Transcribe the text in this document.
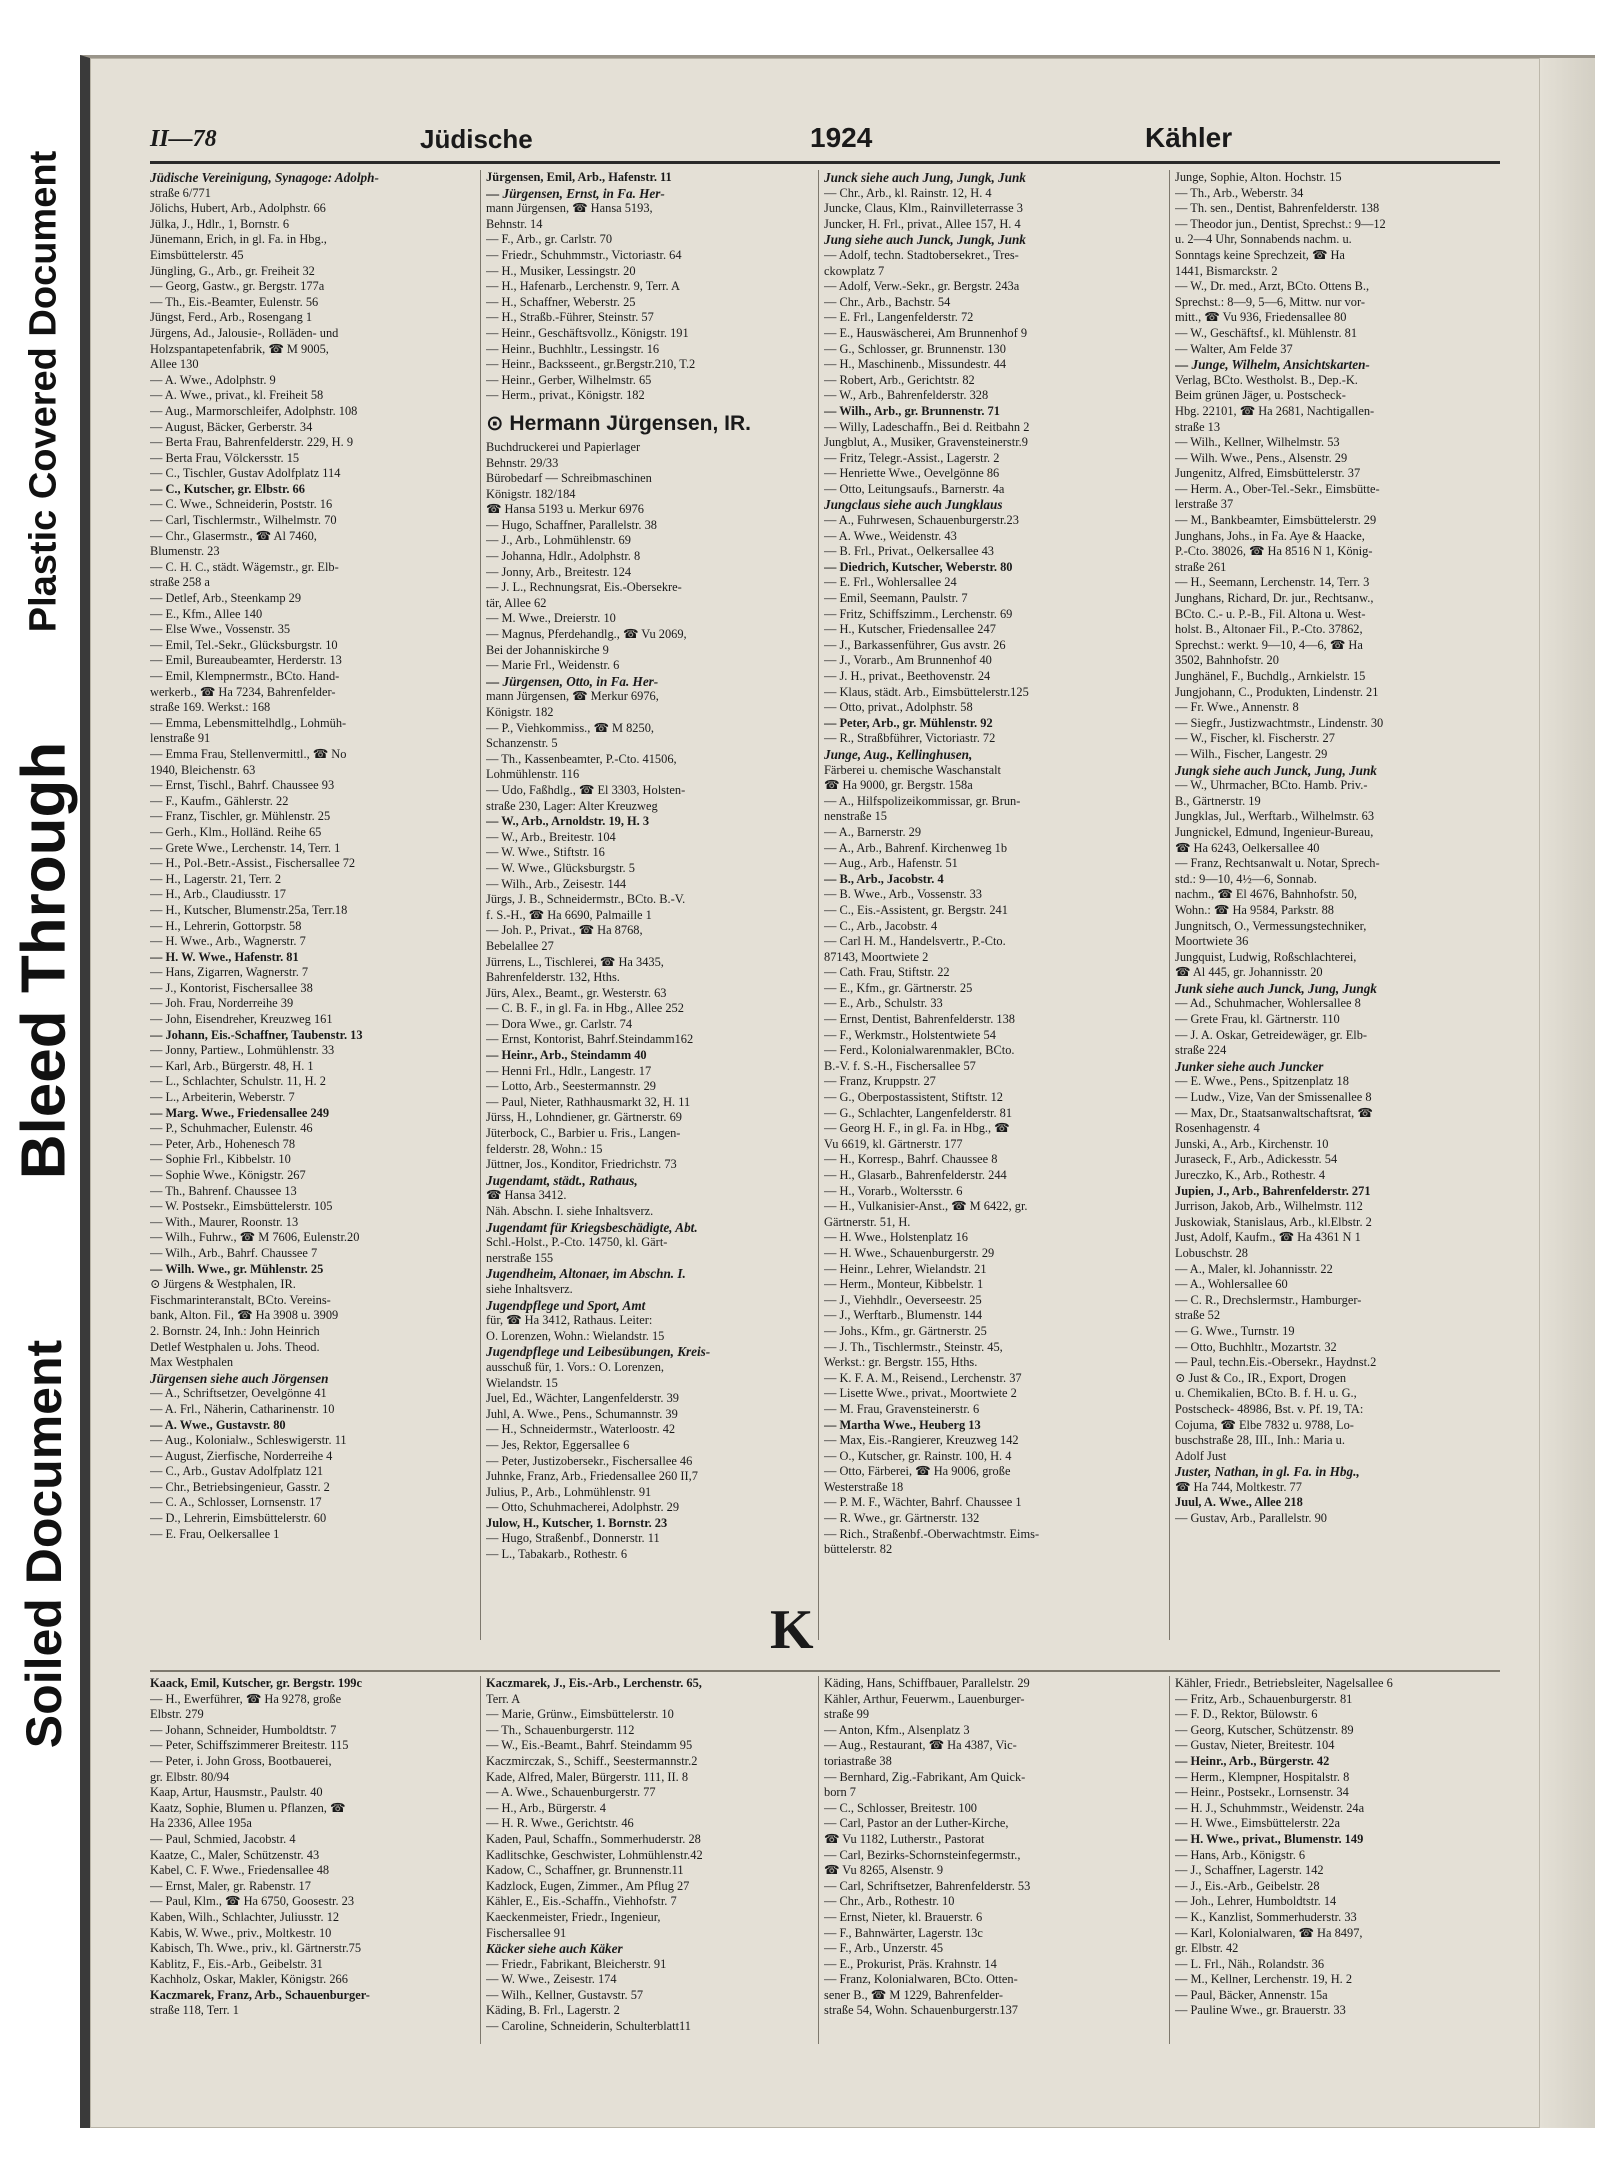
Plastic Covered Document
Bleed Through
Soiled Document
II—78	Jüdische	1924	Kähler
Jüdische Vereinigung, Synagoge: Adolph-
straße 6/771
Jölichs, Hubert, Arb., Adolphstr. 66
Jülka, J., Hdlr., 1, Bornstr. 6
Jünemann, Erich, in gl. Fa. in Hbg.,
Eimsbüttelerstr. 45
Jüngling, G., Arb., gr. Freiheit 32
— Georg, Gastw., gr. Bergstr. 177a
— Th., Eis.-Beamter, Eulenstr. 56
Jüngst, Ferd., Arb., Rosengang 1
Jürgens, Ad., Jalousie-, Rolläden- und
Holzspantapetenfabrik, ☎ M 9005,
Allee 130
— A. Wwe., Adolphstr. 9
— A. Wwe., privat., kl. Freiheit 58
— Aug., Marmorschleifer, Adolphstr. 108
— August, Bäcker, Gerberstr. 34
— Berta Frau, Bahrenfelderstr. 229, H. 9
— Berta Frau, Völckersstr. 15
— C., Tischler, Gustav Adolfplatz 114
— C., Kutscher, gr. Elbstr. 66
— C. Wwe., Schneiderin, Poststr. 16
— Carl, Tischlermstr., Wilhelmstr. 70
— Chr., Glasermstr., ☎ Al 7460,
Blumenstr. 23
— C. H. C., städt. Wägemstr., gr. Elb-
straße 258 a
— Detlef, Arb., Steenkamp 29
— E., Kfm., Allee 140
— Else Wwe., Vossenstr. 35
— Emil, Tel.-Sekr., Glücksburgstr. 10
— Emil, Bureaubeamter, Herderstr. 13
— Emil, Klempnermstr., BCto. Hand-
werkerb., ☎ Ha 7234, Bahrenfelder-
straße 169. Werkst.: 168
— Emma, Lebensmittelhdlg., Lohmüh-
lenstraße 91
— Emma Frau, Stellenvermittl., ☎ No
1940, Bleichenstr. 63
— Ernst, Tischl., Bahrf. Chaussee 93
— F., Kaufm., Gählerstr. 22
— Franz, Tischler, gr. Mühlenstr. 25
— Gerh., Klm., Holländ. Reihe 65
— Grete Wwe., Lerchenstr. 14, Terr. 1
— H., Pol.-Betr.-Assist., Fischersallee 72
— H., Lagerstr. 21, Terr. 2
— H., Arb., Claudiusstr. 17
— H., Kutscher, Blumenstr.25a, Terr.18
— H., Lehrerin, Gottorpstr. 58
— H. Wwe., Arb., Wagnerstr. 7
— H. W. Wwe., Hafenstr. 81
— Hans, Zigarren, Wagnerstr. 7
— J., Kontorist, Fischersallee 38
— Joh. Frau, Norderreihe 39
— John, Eisendreher, Kreuzweg 161
— Johann, Eis.-Schaffner, Taubenstr. 13
— Jonny, Partiew., Lohmühlenstr. 33
— Karl, Arb., Bürgerstr. 48, H. 1
— L., Schlachter, Schulstr. 11, H. 2
— L., Arbeiterin, Weberstr. 7
— Marg. Wwe., Friedensallee 249
— P., Schuhmacher, Eulenstr. 46
— Peter, Arb., Hohenesch 78
— Sophie Frl., Kibbelstr. 10
— Sophie Wwe., Königstr. 267
— Th., Bahrenf. Chaussee 13
— W. Postsekr., Eimsbüttelerstr. 105
— With., Maurer, Roonstr. 13
— Wilh., Fuhrw., ☎ M 7606, Eulenstr.20
— Wilh., Arb., Bahrf. Chaussee 7
— Wilh. Wwe., gr. Mühlenstr. 25
⊙ Jürgens & Westphalen, IR.
Fischmarinteranstalt, BCto. Vereins-
bank, Alton. Fil., ☎ Ha 3908 u. 3909
2. Bornstr. 24, Inh.: John Heinrich
Detlef Westphalen u. Johs. Theod.
Max Westphalen
Jürgensen siehe auch Jörgensen
— A., Schriftsetzer, Oevelgönne 41
— A. Frl., Näherin, Catharinenstr. 10
— A. Wwe., Gustavstr. 80
— Aug., Kolonialw., Schleswigerstr. 11
— August, Zierfische, Norderreihe 4
— C., Arb., Gustav Adolfplatz 121
— Chr., Betriebsingenieur, Gasstr. 2
— C. A., Schlosser, Lornsenstr. 17
— D., Lehrerin, Eimsbüttelerstr. 60
— E. Frau, Oelkersallee 1
Jürgensen, Emil, Arb., Hafenstr. 11
— Jürgensen, Ernst, in Fa. Her-
mann Jürgensen, ☎ Hansa 5193,
Behnstr. 14
— F., Arb., gr. Carlstr. 70
— Friedr., Schuhmmstr., Victoriastr. 64
— H., Musiker, Lessingstr. 20
— H., Hafenarb., Lerchenstr. 9, Terr. A
— H., Schaffner, Weberstr. 25
— H., Straßb.-Führer, Steinstr. 57
— Heinr., Geschäftsvollz., Königstr. 191
— Heinr., Buchhltr., Lessingstr. 16
— Heinr., Backsseent., gr.Bergstr.210, T.2
— Heinr., Gerber, Wilhelmstr. 65
— Herm., privat., Königstr. 182
⊙ Hermann Jürgensen, IR.
Buchdruckerei und Papierlager
Behnstr. 29/33
Bürobedarf — Schreibmaschinen
Königstr. 182/184
☎ Hansa 5193 u. Merkur 6976
— Hugo, Schaffner, Parallelstr. 38
— J., Arb., Lohmühlenstr. 69
— Johanna, Hdlr., Adolphstr. 8
— Jonny, Arb., Breitestr. 124
— J. L., Rechnungsrat, Eis.-Obersekre-
tär, Allee 62
— M. Wwe., Dreierstr. 10
— Magnus, Pferdehandlg., ☎ Vu 2069,
Bei der Johanniskirche 9
— Marie Frl., Weidenstr. 6
— Jürgensen, Otto, in Fa. Her-
mann Jürgensen, ☎ Merkur 6976,
Königstr. 182
— P., Viehkommiss., ☎ M 8250,
Schanzenstr. 5
— Th., Kassenbeamter, P.-Cto. 41506,
Lohmühlenstr. 116
— Udo, Faßhdlg., ☎ El 3303, Holsten-
straße 230, Lager: Alter Kreuzweg
— W., Arb., Arnoldstr. 19, H. 3
— W., Arb., Breitestr. 104
— W. Wwe., Stiftstr. 16
— W. Wwe., Glücksburgstr. 5
— Wilh., Arb., Zeisestr. 144
Jürgs, J. B., Schneidermstr., BCto. B.-V.
f. S.-H., ☎ Ha 6690, Palmaille 1
— Joh. P., Privat., ☎ Ha 8768,
Bebelallee 27
Jürrens, L., Tischlerei, ☎ Ha 3435,
Bahrenfelderstr. 132, Hths.
Jürs, Alex., Beamt., gr. Westerstr. 63
— C. B. F., in gl. Fa. in Hbg., Allee 252
— Dora Wwe., gr. Carlstr. 74
— Ernst, Kontorist, Bahrf.Steindamm162
— Heinr., Arb., Steindamm 40
— Henni Frl., Hdlr., Langestr. 17
— Lotto, Arb., Seestermannstr. 29
— Paul, Nieter, Rathhausmarkt 32, H. 11
Jürss, H., Lohndiener, gr. Gärtnerstr. 69
Jüterbock, C., Barbier u. Fris., Langen-
felderstr. 28, Wohn.: 15
Jüttner, Jos., Konditor, Friedrichstr. 73
Jugendamt, städt., Rathaus,
☎ Hansa 3412.
Näh. Abschn. I. siehe Inhaltsverz.
Jugendamt für Kriegsbeschädigte, Abt.
Schl.-Holst., P.-Cto. 14750, kl. Gärt-
nerstraße 155
Jugendheim, Altonaer, im Abschn. I.
siehe Inhaltsverz.
Jugendpflege und Sport, Amt
für, ☎ Ha 3412, Rathaus. Leiter:
O. Lorenzen, Wohn.: Wielandstr. 15
Jugendpflege und Leibesübungen, Kreis-
ausschuß für, 1. Vors.: O. Lorenzen,
Wielandstr. 15
Juel, Ed., Wächter, Langenfelderstr. 39
Juhl, A. Wwe., Pens., Schumannstr. 39
— H., Schneidermstr., Waterloostr. 42
— Jes, Rektor, Eggersallee 6
— Peter, Justizobersekr., Fischersallee 46
Juhnke, Franz, Arb., Friedensallee 260 II,7
Julius, P., Arb., Lohmühlenstr. 91
— Otto, Schuhmacherei, Adolphstr. 29
Julow, H., Kutscher, 1. Bornstr. 23
— Hugo, Straßenbf., Donnerstr. 11
— L., Tabakarb., Rothestr. 6
Junck siehe auch Jung, Jungk, Junk
— Chr., Arb., kl. Rainstr. 12, H. 4
Juncke, Claus, Klm., Rainvilleterrasse 3
Juncker, H. Frl., privat., Allee 157, H. 4
Jung siehe auch Junck, Jungk, Junk
— Adolf, techn. Stadtobersekret., Tres-
ckowplatz 7
— Adolf, Verw.-Sekr., gr. Bergstr. 243a
— Chr., Arb., Bachstr. 54
— E. Frl., Langenfelderstr. 72
— E., Hauswäscherei, Am Brunnenhof 9
— G., Schlosser, gr. Brunnenstr. 130
— H., Maschinenb., Missundestr. 44
— Robert, Arb., Gerichtstr. 82
— W., Arb., Bahrenfelderstr. 328
— Wilh., Arb., gr. Brunnenstr. 71
— Willy, Ladeschaffn., Bei d. Reitbahn 2
Jungblut, A., Musiker, Gravensteinerstr.9
— Fritz, Telegr.-Assist., Lagerstr. 2
— Henriette Wwe., Oevelgönne 86
— Otto, Leitungsaufs., Barnerstr. 4a
Jungclaus siehe auch Jungklaus
— A., Fuhrwesen, Schauenburgerstr.23
— A. Wwe., Weidenstr. 43
— B. Frl., Privat., Oelkersallee 43
— Diedrich, Kutscher, Weberstr. 80
— E. Frl., Wohlersallee 24
— Emil, Seemann, Paulstr. 7
— Fritz, Schiffszimm., Lerchenstr. 69
— H., Kutscher, Friedensallee 247
— J., Barkassenführer, Gus avstr. 26
— J., Vorarb., Am Brunnenhof 40
— J. H., privat., Beethovenstr. 24
— Klaus, städt. Arb., Eimsbüttelerstr.125
— Otto, privat., Adolphstr. 58
— Peter, Arb., gr. Mühlenstr. 92
— R., Straßbführer, Victoriastr. 72
Junge, Aug., Kellinghusen,
Färberei u. chemische Waschanstalt
☎ Ha 9000, gr. Bergstr. 158a
— A., Hilfspolizeikommissar, gr. Brun-
nenstraße 15
— A., Barnerstr. 29
— A., Arb., Bahrenf. Kirchenweg 1b
— Aug., Arb., Hafenstr. 51
— B., Arb., Jacobstr. 4
— B. Wwe., Arb., Vossenstr. 33
— C., Eis.-Assistent, gr. Bergstr. 241
— C., Arb., Jacobstr. 4
— Carl H. M., Handelsvertr., P.-Cto.
87143, Moortwiete 2
— Cath. Frau, Stiftstr. 22
— E., Kfm., gr. Gärtnerstr. 25
— E., Arb., Schulstr. 33
— Ernst, Dentist, Bahrenfelderstr. 138
— F., Werkmstr., Holstentwiete 54
— Ferd., Kolonialwarenmakler, BCto.
B.-V. f. S.-H., Fischersallee 57
— Franz, Kruppstr. 27
— G., Oberpostassistent, Stiftstr. 12
— G., Schlachter, Langenfelderstr. 81
— Georg H. F., in gl. Fa. in Hbg., ☎
Vu 6619, kl. Gärtnerstr. 177
— H., Korresp., Bahrf. Chaussee 8
— H., Glasarb., Bahrenfelderstr. 244
— H., Vorarb., Woltersstr. 6
— H., Vulkanisier-Anst., ☎ M 6422, gr.
Gärtnerstr. 51, H.
— H. Wwe., Holstenplatz 16
— H. Wwe., Schauenburgerstr. 29
— Heinr., Lehrer, Wielandstr. 21
— Herm., Monteur, Kibbelstr. 1
— J., Viehhdlr., Oeverseestr. 25
— J., Werftarb., Blumenstr. 144
— Johs., Kfm., gr. Gärtnerstr. 25
— J. Th., Tischlermstr., Steinstr. 45,
Werkst.: gr. Bergstr. 155, Hths.
— K. F. A. M., Reisend., Lerchenstr. 37
— Lisette Wwe., privat., Moortwiete 2
— M. Frau, Gravensteinerstr. 6
— Martha Wwe., Heuberg 13
— Max, Eis.-Rangierer, Kreuzweg 142
— O., Kutscher, gr. Rainstr. 100, H. 4
— Otto, Färberei, ☎ Ha 9006, große
Westerstraße 18
— P. M. F., Wächter, Bahrf. Chaussee 1
— R. Wwe., gr. Gärtnerstr. 132
— Rich., Straßenbf.-Oberwachtmstr. Eims-
büttelerstr. 82
Junge, Sophie, Alton. Hochstr. 15
— Th., Arb., Weberstr. 34
— Th. sen., Dentist, Bahrenfelderstr. 138
— Theodor jun., Dentist, Sprechst.: 9—12
u. 2—4 Uhr, Sonnabends nachm. u.
Sonntags keine Sprechzeit, ☎ Ha
1441, Bismarckstr. 2
— W., Dr. med., Arzt, BCto. Ottens B.,
Sprechst.: 8—9, 5—6, Mittw. nur vor-
mitt., ☎ Vu 936, Friedensallee 80
— W., Geschäftsf., kl. Mühlenstr. 81
— Walter, Am Felde 37
— Junge, Wilhelm, Ansichtskarten-
Verlag, BCto. Westholst. B., Dep.-K.
Beim grünen Jäger, u. Postscheck-
Hbg. 22101, ☎ Ha 2681, Nachtigallen-
straße 13
— Wilh., Kellner, Wilhelmstr. 53
— Wilh. Wwe., Pens., Alsenstr. 29
Jungenitz, Alfred, Eimsbüttelerstr. 37
— Herm. A., Ober-Tel.-Sekr., Eimsbütte-
lerstraße 37
— M., Bankbeamter, Eimsbüttelerstr. 29
Junghans, Johs., in Fa. Aye & Haacke,
P.-Cto. 38026, ☎ Ha 8516 N 1, König-
straße 261
— H., Seemann, Lerchenstr. 14, Terr. 3
Junghans, Richard, Dr. jur., Rechtsanw.,
BCto. C.- u. P.-B., Fil. Altona u. West-
holst. B., Altonaer Fil., P.-Cto. 37862,
Sprechst.: werkt. 9—10, 4—6, ☎ Ha
3502, Bahnhofstr. 20
Junghänel, F., Buchdlg., Arnkielstr. 15
Jungjohann, C., Produkten, Lindenstr. 21
— Fr. Wwe., Annenstr. 8
— Siegfr., Justizwachtmstr., Lindenstr. 30
— W., Fischer, kl. Fischerstr. 27
— Wilh., Fischer, Langestr. 29
Jungk siehe auch Junck, Jung, Junk
— W., Uhrmacher, BCto. Hamb. Priv.-
B., Gärtnerstr. 19
Jungklas, Jul., Werftarb., Wilhelmstr. 63
Jungnickel, Edmund, Ingenieur-Bureau,
☎ Ha 6243, Oelkersallee 40
— Franz, Rechtsanwalt u. Notar, Sprech-
std.: 9—10, 4½—6, Sonnab.
nachm., ☎ El 4676, Bahnhofstr. 50,
Wohn.: ☎ Ha 9584, Parkstr. 88
Jungnitsch, O., Vermessungstechniker,
Moortwiete 36
Jungquist, Ludwig, Roßschlachterei,
☎ Al 445, gr. Johannisstr. 20
Junk siehe auch Junck, Jung, Jungk
— Ad., Schuhmacher, Wohlersallee 8
— Grete Frau, kl. Gärtnerstr. 110
— J. A. Oskar, Getreidewäger, gr. Elb-
straße 224
Junker siehe auch Juncker
— E. Wwe., Pens., Spitzenplatz 18
— Ludw., Vize, Van der Smissenallee 8
— Max, Dr., Staatsanwaltschaftsrat, ☎
Rosenhagenstr. 4
Junski, A., Arb., Kirchenstr. 10
Juraseck, F., Arb., Adickesstr. 54
Jureczko, K., Arb., Rothestr. 4
Jupien, J., Arb., Bahrenfelderstr. 271
Jurrison, Jakob, Arb., Wilhelmstr. 112
Juskowiak, Stanislaus, Arb., kl.Elbstr. 2
Just, Adolf, Kaufm., ☎ Ha 4361 N 1
Lobuschstr. 28
— A., Maler, kl. Johannisstr. 22
— A., Wohlersallee 60
— C. R., Drechslermstr., Hamburger-
straße 52
— G. Wwe., Turnstr. 19
— Otto, Buchhltr., Mozartstr. 32
— Paul, techn.Eis.-Obersekr., Haydnst.2
⊙ Just & Co., IR., Export, Drogen
u. Chemikalien, BCto. B. f. H. u. G.,
Postscheck- 48986, Bst. v. Pf. 19, TA:
Cojuma, ☎ Elbe 7832 u. 9788, Lo-
buschstraße 28, III., Inh.: Maria u.
Adolf Just
Juster, Nathan, in gl. Fa. in Hbg.,
☎ Ha 744, Moltkestr. 77
Juul, A. Wwe., Allee 218
— Gustav, Arb., Parallelstr. 90
K
Kaack, Emil, Kutscher, gr. Bergstr. 199c
— H., Ewerführer, ☎ Ha 9278, große
Elbstr. 279
— Johann, Schneider, Humboldtstr. 7
— Peter, Schiffszimmerer Breitestr. 115
— Peter, i. John Gross, Bootbauerei,
gr. Elbstr. 80/94
Kaap, Artur, Hausmstr., Paulstr. 40
Kaatz, Sophie, Blumen u. Pflanzen, ☎
Ha 2336, Allee 195a
— Paul, Schmied, Jacobstr. 4
Kaatze, C., Maler, Schützenstr. 43
Kabel, C. F. Wwe., Friedensallee 48
— Ernst, Maler, gr. Rabenstr. 17
— Paul, Klm., ☎ Ha 6750, Goosestr. 23
Kaben, Wilh., Schlachter, Juliusstr. 12
Kabis, W. Wwe., priv., Moltkestr. 10
Kabisch, Th. Wwe., priv., kl. Gärtnerstr.75
Kablitz, F., Eis.-Arb., Geibelstr. 31
Kachholz, Oskar, Makler, Königstr. 266
Kaczmarek, Franz, Arb., Schauenburger-
straße 118, Terr. 1
Kaczmarek, J., Eis.-Arb., Lerchenstr. 65,
Terr. A
— Marie, Grünw., Eimsbüttelerstr. 10
— Th., Schauenburgerstr. 112
— W., Eis.-Beamt., Bahrf. Steindamm 95
Kaczmirczak, S., Schiff., Seestermannstr.2
Kade, Alfred, Maler, Bürgerstr. 111, II. 8
— A. Wwe., Schauenburgerstr. 77
— H., Arb., Bürgerstr. 4
— H. R. Wwe., Gerichtstr. 46
Kaden, Paul, Schaffn., Sommerhuderstr. 28
Kadlitschke, Geschwister, Lohmühlenstr.42
Kadow, C., Schaffner, gr. Brunnenstr.11
Kadzlock, Eugen, Zimmer., Am Pflug 27
Kähler, E., Eis.-Schaffn., Viehhofstr. 7
Kaeckenmeister, Friedr., Ingenieur,
Fischersallee 91
Käcker siehe auch Käker
— Friedr., Fabrikant, Bleicherstr. 91
— W. Wwe., Zeisestr. 174
— Wilh., Kellner, Gustavstr. 57
Käding, B. Frl., Lagerstr. 2
— Caroline, Schneiderin, Schulterblatt11
Käding, Hans, Schiffbauer, Parallelstr. 29
Kähler, Arthur, Feuerwm., Lauenburger-
straße 99
— Anton, Kfm., Alsenplatz 3
— Aug., Restaurant, ☎ Ha 4387, Vic-
toriastraße 38
— Bernhard, Zig.-Fabrikant, Am Quick-
born 7
— C., Schlosser, Breitestr. 100
— Carl, Pastor an der Luther-Kirche,
☎ Vu 1182, Lutherstr., Pastorat
— Carl, Bezirks-Schornsteinfegermstr.,
☎ Vu 8265, Alsenstr. 9
— Carl, Schriftsetzer, Bahrenfelderstr. 53
— Chr., Arb., Rothestr. 10
— Ernst, Nieter, kl. Brauerstr. 6
— F., Bahnwärter, Lagerstr. 13c
— F., Arb., Unzerstr. 45
— E., Prokurist, Präs. Krahnstr. 14
— Franz, Kolonialwaren, BCto. Otten-
sener B., ☎ M 1229, Bahrenfelder-
straße 54, Wohn. Schauenburgerstr.137
Kähler, Friedr., Betriebsleiter, Nagelsallee 6
— Fritz, Arb., Schauenburgerstr. 81
— F. D., Rektor, Bülowstr. 6
— Georg, Kutscher, Schützenstr. 89
— Gustav, Nieter, Breitestr. 104
— Heinr., Arb., Bürgerstr. 42
— Herm., Klempner, Hospitalstr. 8
— Heinr., Postsekr., Lornsenstr. 34
— H. J., Schuhmmstr., Weidenstr. 24a
— H. Wwe., Eimsbüttelerstr. 22a
— H. Wwe., privat., Blumenstr. 149
— Hans, Arb., Königstr. 6
— J., Schaffner, Lagerstr. 142
— J., Eis.-Arb., Geibelstr. 28
— Joh., Lehrer, Humboldtstr. 14
— K., Kanzlist, Sommerhuderstr. 33
— Karl, Kolonialwaren, ☎ Ha 8497,
gr. Elbstr. 42
— L. Frl., Näh., Rolandstr. 36
— M., Kellner, Lerchenstr. 19, H. 2
— Paul, Bäcker, Annenstr. 15a
— Pauline Wwe., gr. Brauerstr. 33
